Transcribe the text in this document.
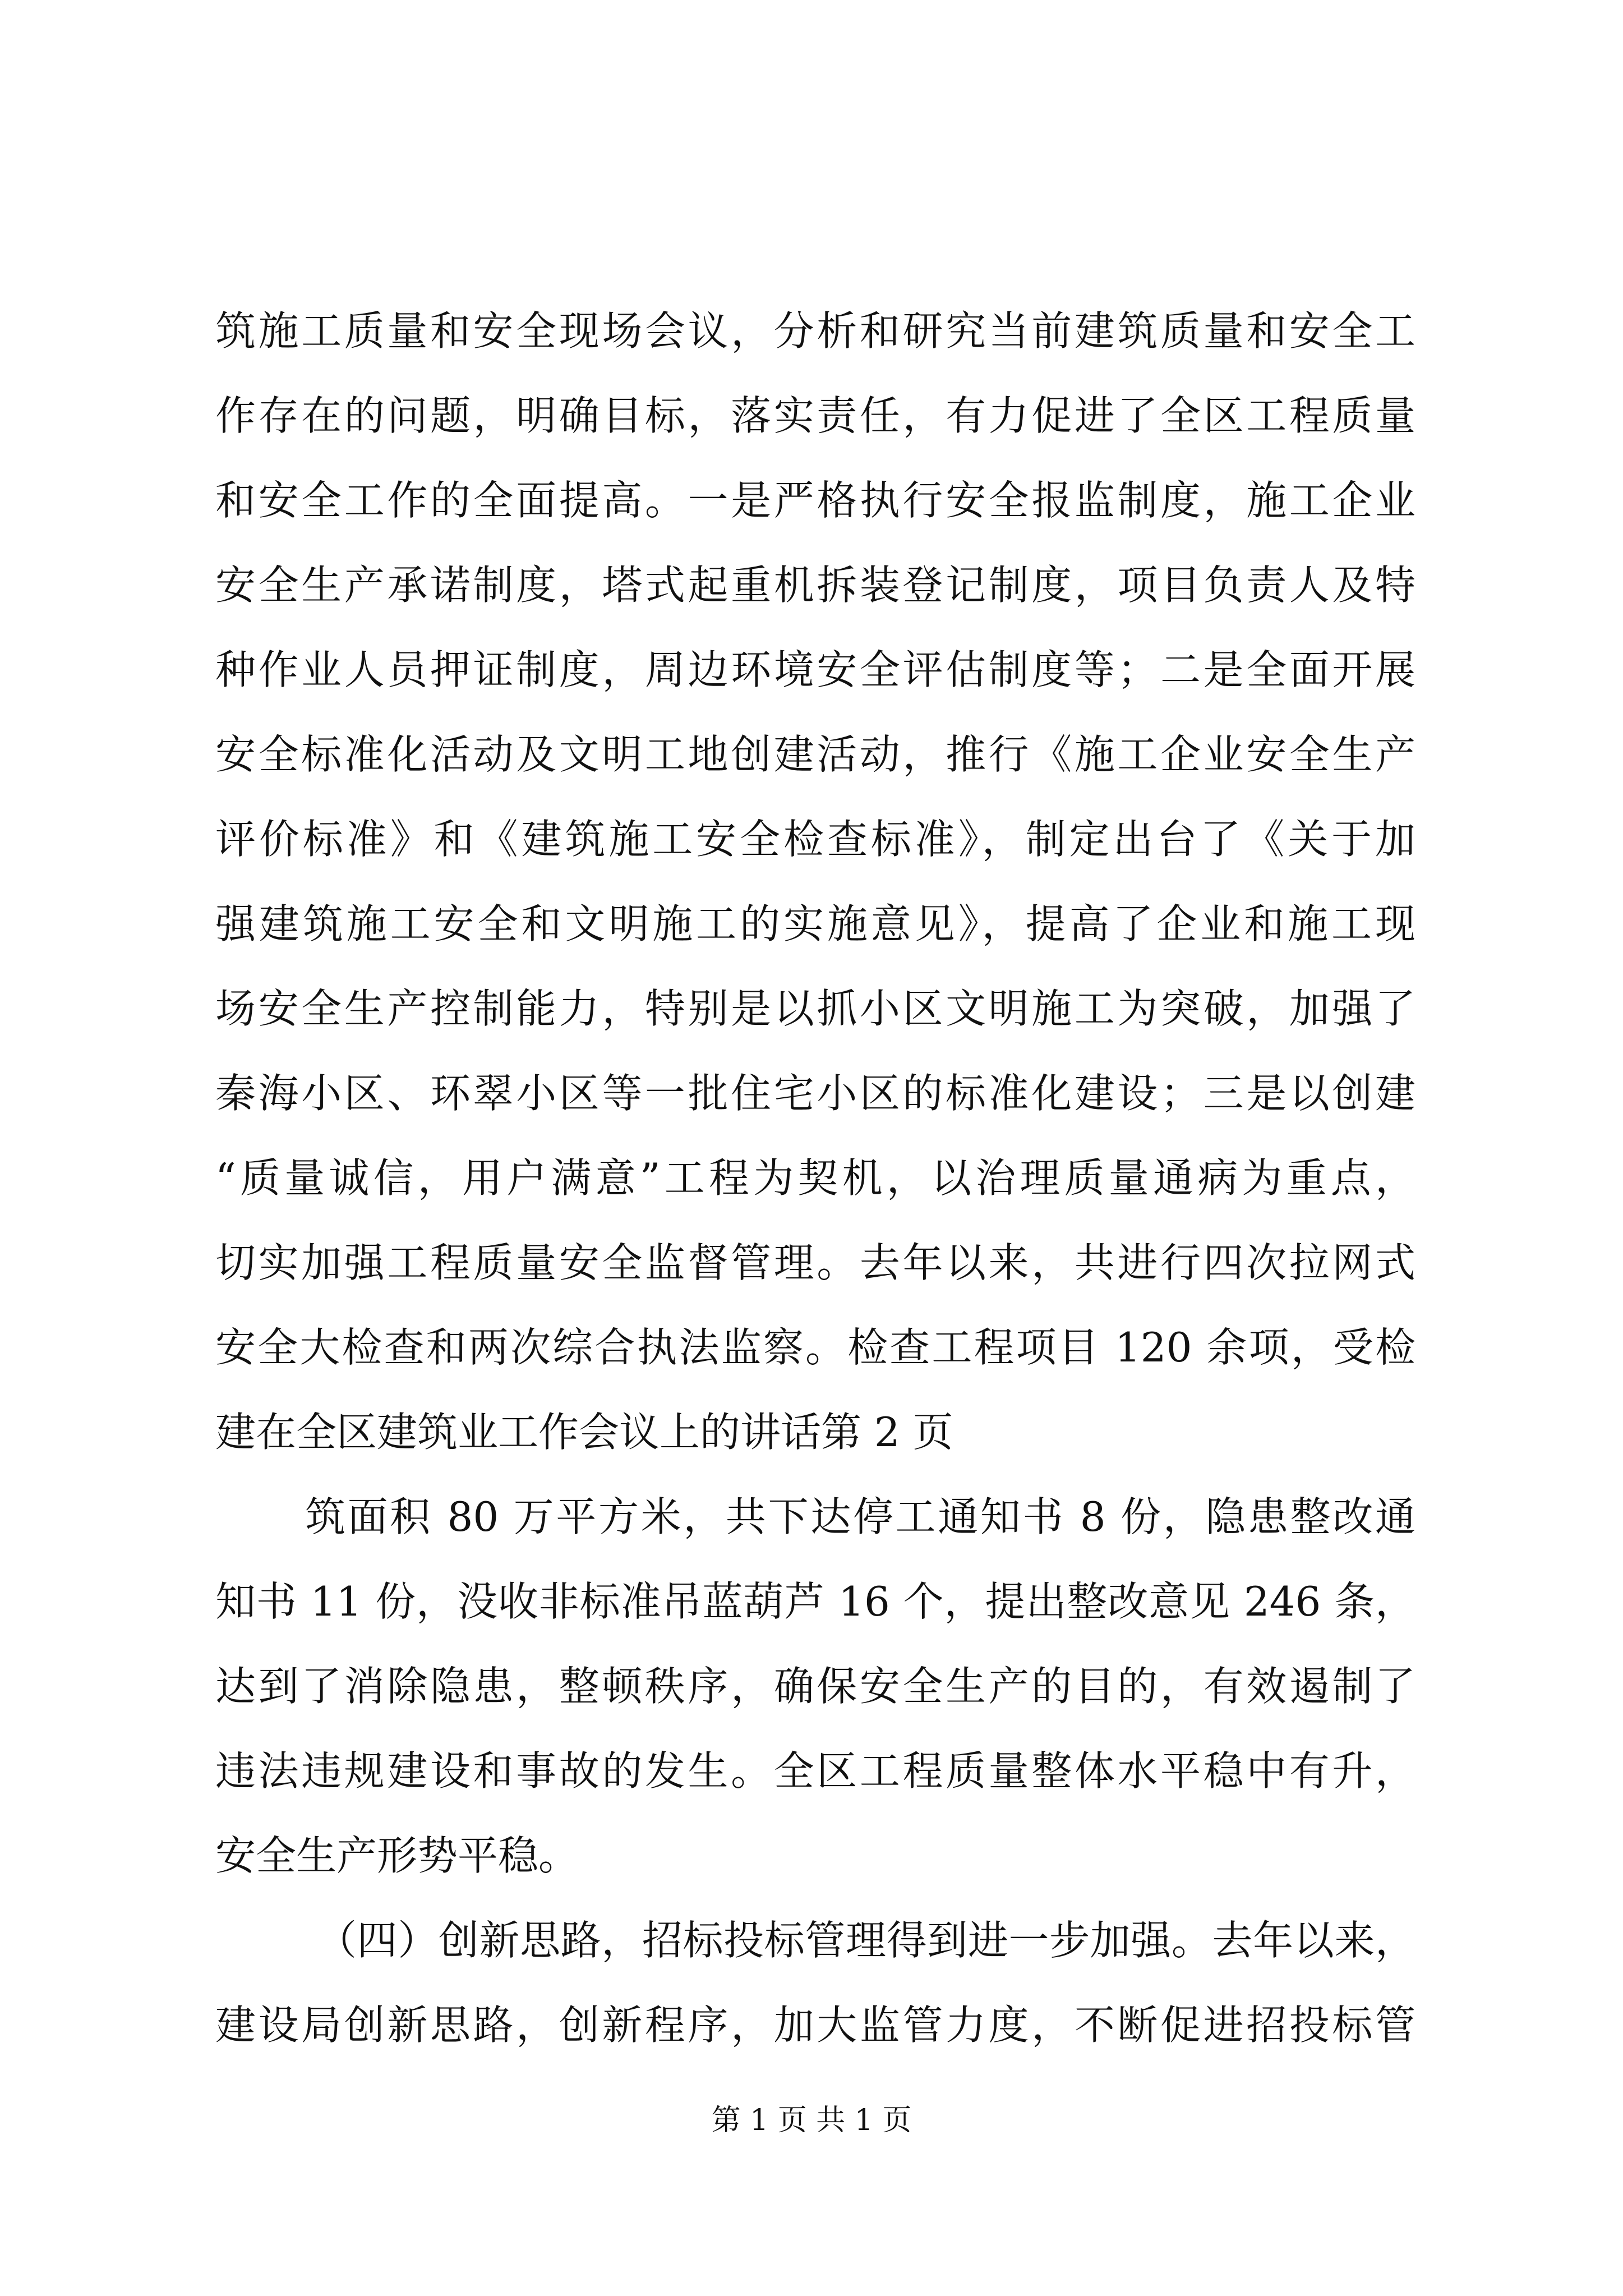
筑施工质量和安全现场会议，分析和研究当前建筑质量和安全工
作存在的问题，明确目标，落实责任，有力促进了全区工程质量
和安全工作的全面提高。一是严格执行安全报监制度，施工企业
安全生产承诺制度，塔式起重机拆装登记制度，项目负责人及特
种作业人员押证制度，周边环境安全评估制度等；二是全面开展
安全标准化活动及文明工地创建活动，推行《施工企业安全生产
评价标准》和《建筑施工安全检查标准》，制定出台了《关于加
强建筑施工安全和文明施工的实施意见》，提高了企业和施工现
场安全生产控制能力，特别是以抓小区文明施工为突破，加强了
秦海小区、环翠小区等一批住宅小区的标准化建设；三是以创建
“质量诚信，用户满意”工程为契机，以治理质量通病为重点，
切实加强工程质量安全监督管理。去年以来，共进行四次拉网式
安全大检查和两次综合执法监察。检查工程项目 120 余项，受检
建在全区建筑业工作会议上的讲话第 2 页
筑面积 80 万平方米，共下达停工通知书 8 份，隐患整改通
知书 11 份，没收非标准吊蓝葫芦 16 个，提出整改意见 246 条，
达到了消除隐患，整顿秩序，确保安全生产的目的，有效遏制了
违法违规建设和事故的发生。全区工程质量整体水平稳中有升，
安全生产形势平稳。
（四）创新思路，招标投标管理得到进一步加强。去年以来，
建设局创新思路，创新程序，加大监管力度，不断促进招投标管
第 1 页 共 1 页
